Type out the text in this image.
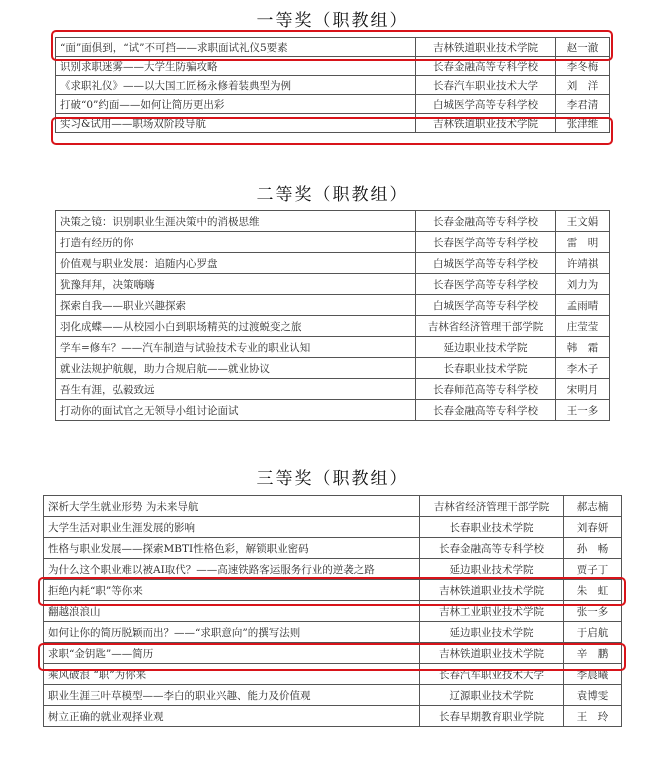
一等奖（职教组）
“面”面俱到，“试”不可挡——求职面试礼仪5要素	吉林铁道职业技术学院	赵一澈
识别求职迷雾——大学生防骗攻略	长春金融高等专科学校	李冬梅
《求职礼仪》——以大国工匠杨永修着装典型为例	长春汽车职业技术大学	刘　洋
打破“0”约面——如何让简历更出彩	白城医学高等专科学校	李君清
实习&试用——职场双阶段导航	吉林铁道职业技术学院	张津维
二等奖（职教组）
决策之镜：识别职业生涯决策中的消极思维	长春金融高等专科学校	王文娟
打造有经历的你	长春医学高等专科学校	雷　明
价值观与职业发展：追随内心罗盘	白城医学高等专科学校	许靖祺
犹豫拜拜，决策嗨嗨	长春医学高等专科学校	刘力为
探索自我——职业兴趣探索	白城医学高等专科学校	孟雨晴
羽化成蝶——从校园小白到职场精英的过渡蜕变之旅	吉林省经济管理干部学院	庄莹莹
学车=修车？——汽车制造与试验技术专业的职业认知	延边职业技术学院	韩　霜
就业法规护航舰，助力合规启航——就业协议	长春职业技术学院	李木子
吾生有涯，弘毅致远	长春师范高等专科学校	宋明月
打动你的面试官之无领导小组讨论面试	长春金融高等专科学校	王一多
三等奖（职教组）
深析大学生就业形势 为未来导航	吉林省经济管理干部学院	郝志楠
大学生活对职业生涯发展的影响	长春职业技术学院	刘春妍
性格与职业发展——探索MBTI性格色彩，解锁职业密码	长春金融高等专科学校	孙　畅
为什么这个职业难以被AI取代？——高速铁路客运服务行业的逆袭之路	延边职业技术学院	贾子丁
拒绝内耗“职”等你来	吉林铁道职业技术学院	朱　虹
翻越浪浪山	吉林工业职业技术学院	张一多
如何让你的简历脱颖而出？——“求职意向”的撰写法则	延边职业技术学院	于启航
求职“金钥匙”——简历	吉林铁道职业技术学院	辛　鹏
乘风破浪 “职”为你来	长春汽车职业技术大学	李晨曦
职业生涯三叶草模型——李白的职业兴趣、能力及价值观	辽源职业技术学院	袁博雯
树立正确的就业观择业观	长春早期教育职业学院	王　玲
